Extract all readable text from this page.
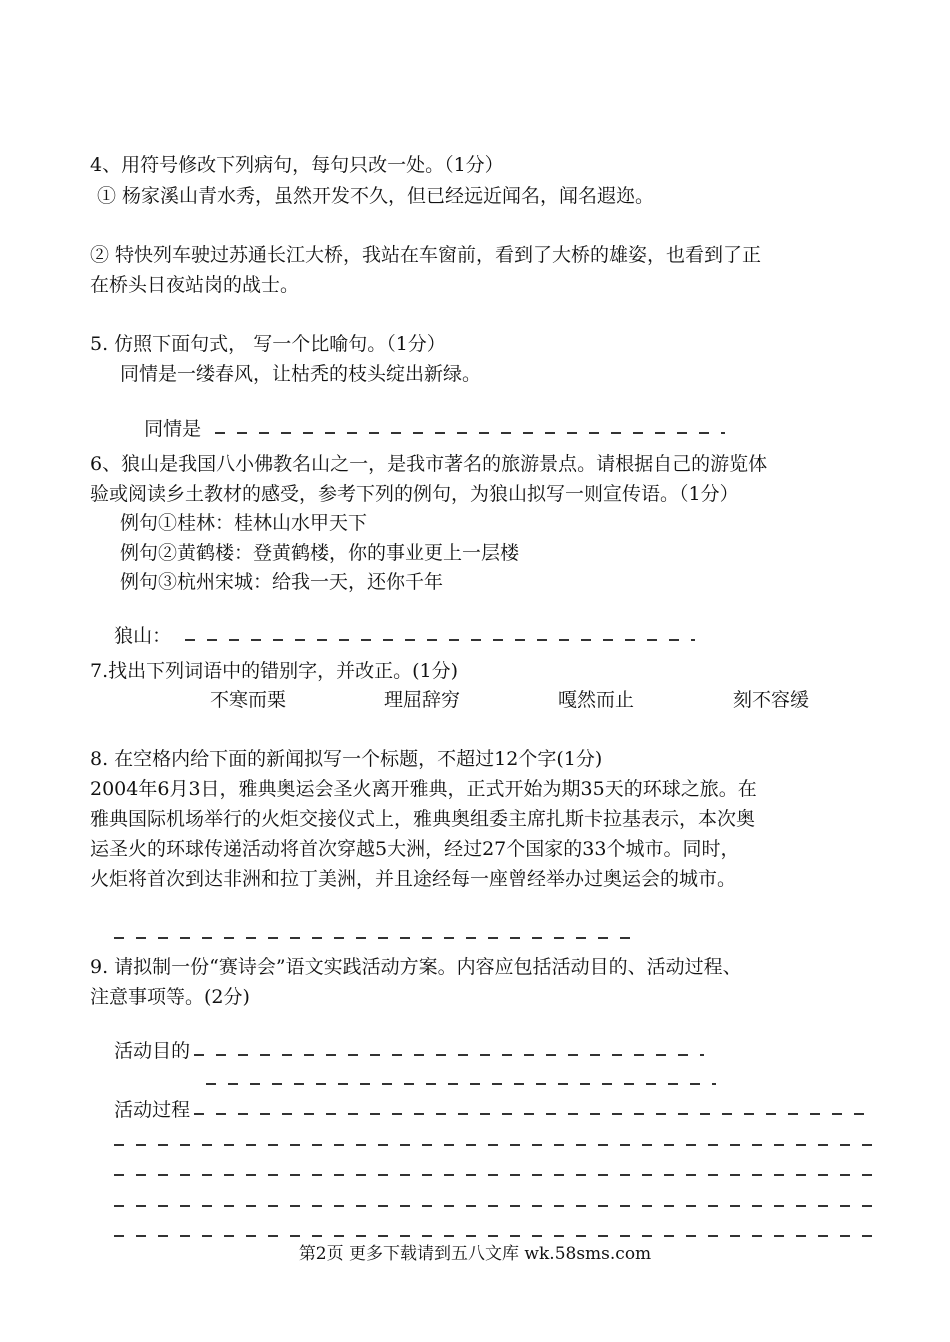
4、用符号修改下列病句，每句只改一处。（1分）
① 杨家溪山青水秀，虽然开发不久，但已经远近闻名，闻名遐迩。
② 特快列车驶过苏通长江大桥，我站在车窗前，看到了大桥的雄姿，也看到了正
在桥头日夜站岗的战士。
5. 仿照下面句式， 写一个比喻句。（1分）
同情是一缕春风，让枯秃的枝头绽出新绿。

同情是

6、狼山是我国八小佛教名山之一，是我市著名的旅游景点。请根据自己的游览体
验或阅读乡土教材的感受，参考下列的例句，为狼山拟写一则宣传语。（1分）
例句①桂林：桂林山水甲天下
例句②黄鹤楼：登黄鹤楼，你的事业更上一层楼
例句③杭州宋城：给我一天，还你千年

狼山：

7.找出下列词语中的错别字，并改正。(1分)
不寒而栗	理屈辞穷	嘎然而止	刻不容缓
8. 在空格内给下面的新闻拟写一个标题，不超过12个字(1分)
2004年6月3日，雅典奥运会圣火离开雅典，正式开始为期35天的环球之旅。在
雅典国际机场举行的火炬交接仪式上，雅典奥组委主席扎斯卡拉基表示，本次奥
运圣火的环球传递活动将首次穿越5大洲，经过27个国家的33个城市。同时，
火炬将首次到达非洲和拉丁美洲，并且途经每一座曾经举办过奥运会的城市。

9. 请拟制一份“赛诗会”语文实践活动方案。内容应包括活动目的、活动过程、
注意事项等。(2分)

活动目的

活动过程

第2页 更多下载请到五八文库 wk.58sms.com
